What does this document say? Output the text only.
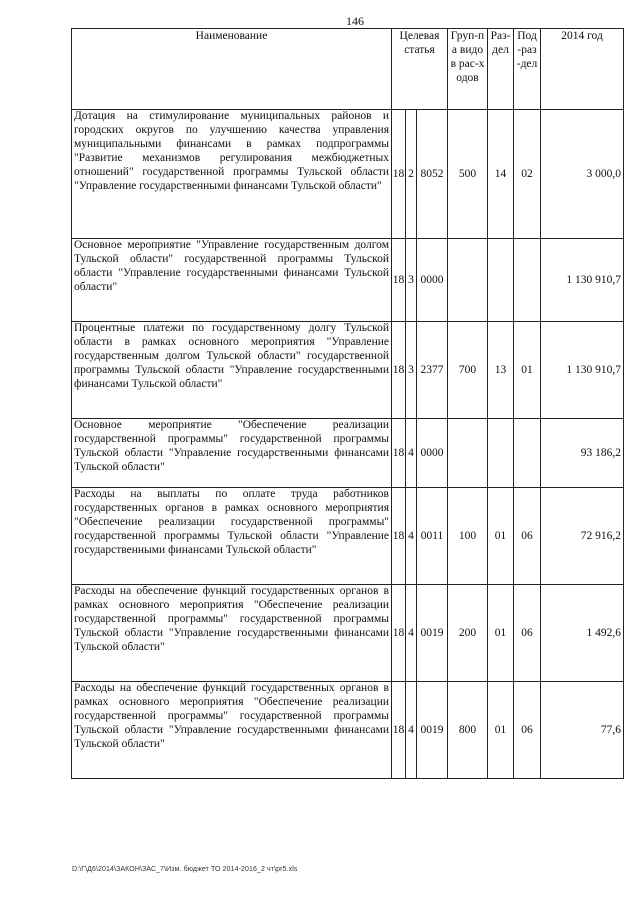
146
Наименование	Целевая статья			Груп-па видов рас-ходов	Раз-дел	Под-раз-дел	2014 год
Дотация на стимулирование муниципальных районов и городских округов по улучшению качества управления муниципальными финансами в рамках подпрограммы "Развитие механизмов регулирования межбюджетных отношений" государственной программы Тульской области "Управление государственными финансами Тульской области"	18	2	8052	500	14	02	3 000,0
Основное мероприятие "Управление государственным долгом Тульской области" государственной программы Тульской области "Управление государственными финансами Тульской области"	18	3	0000				1 130 910,7
Процентные платежи по государственному долгу Тульской области в рамках основного мероприятия "Управление государственным долгом Тульской области" государственной программы Тульской области "Управление государственными финансами Тульской области"	18	3	2377	700	13	01	1 130 910,7
Основное мероприятие "Обеспечение реализации государственной программы" государственной программы Тульской области "Управление государственными финансами Тульской области"	18	4	0000				93 186,2
Расходы на выплаты по оплате труда работников государственных органов в рамках основного мероприятия "Обеспечение реализации государственной программы" государственной программы Тульской области "Управление государственными финансами Тульской области"	18	4	0011	100	01	06	72 916,2
Расходы на обеспечение функций государственных органов в рамках основного мероприятия "Обеспечение реализации государственной программы" государственной программы Тульской области "Управление государственными финансами Тульской области"	18	4	0019	200	01	06	1 492,6
Расходы на обеспечение функций государственных органов в рамках основного мероприятия "Обеспечение реализации государственной программы" государственной программы Тульской области "Управление государственными финансами Тульской области"	18	4	0019	800	01	06	77,6
D:\Г\Д6\2014\ЗАКОН\ЗАС_7\Изм. бюджет ТО 2014-2016_2 чт\pr5.xls
